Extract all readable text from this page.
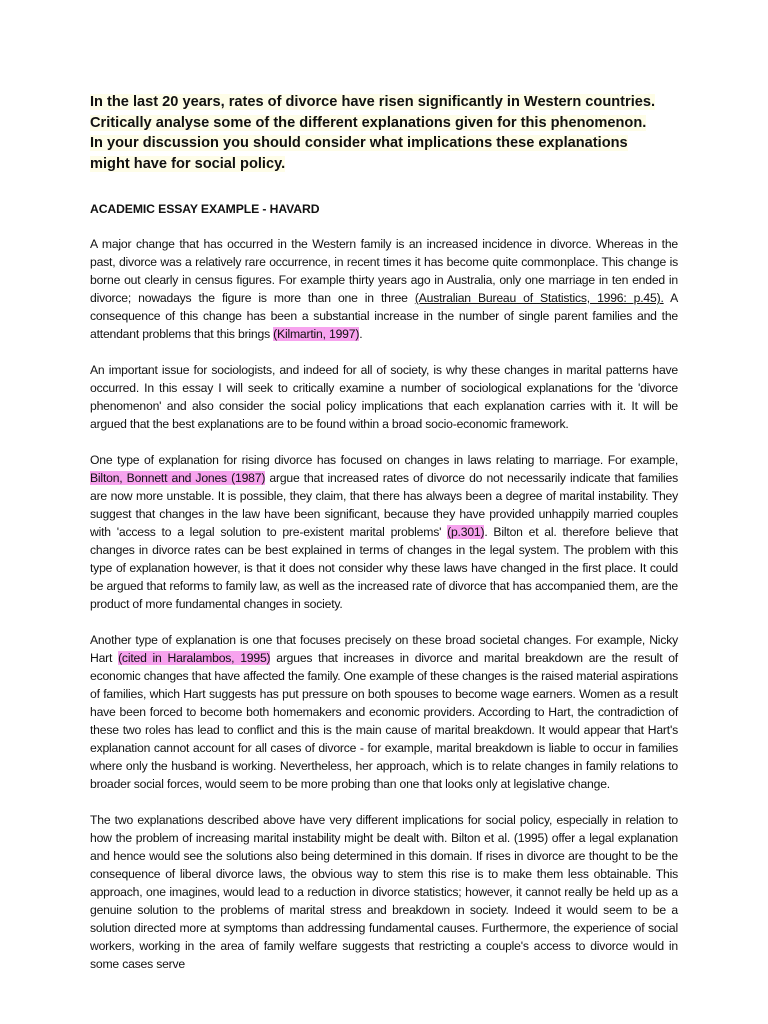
In the last 20 years, rates of divorce have risen significantly in Western countries.
Critically analyse some of the different explanations given for this phenomenon.
In your discussion you should consider what implications these explanations
might have for social policy.

ACADEMIC ESSAY EXAMPLE - HAVARD

A major change that has occurred in the Western family is an increased incidence in divorce. Whereas in the past, divorce was a relatively rare occurrence, in recent times it has become quite commonplace. This change is borne out clearly in census figures. For example thirty years ago in Australia, only one marriage in ten ended in divorce; nowadays the figure is more than one in three (Australian Bureau of Statistics, 1996: p.45). A consequence of this change has been a substantial increase in the number of single parent families and the attendant problems that this brings (Kilmartin, 1997).

An important issue for sociologists, and indeed for all of society, is why these changes in marital patterns have occurred. In this essay I will seek to critically examine a number of sociological explanations for the 'divorce phenomenon' and also consider the social policy implications that each explanation carries with it. It will be argued that the best explanations are to be found within a broad socio-economic framework.

One type of explanation for rising divorce has focused on changes in laws relating to marriage. For example, Bilton, Bonnett and Jones (1987) argue that increased rates of divorce do not necessarily indicate that families are now more unstable. It is possible, they claim, that there has always been a degree of marital instability. They suggest that changes in the law have been significant, because they have provided unhappily married couples with 'access to a legal solution to pre-existent marital problems' (p.301). Bilton et al. therefore believe that changes in divorce rates can be best explained in terms of changes in the legal system. The problem with this type of explanation however, is that it does not consider why these laws have changed in the first place. It could be argued that reforms to family law, as well as the increased rate of divorce that has accompanied them, are the product of more fundamental changes in society.

Another type of explanation is one that focuses precisely on these broad societal changes. For example, Nicky Hart (cited in Haralambos, 1995) argues that increases in divorce and marital breakdown are the result of economic changes that have affected the family. One example of these changes is the raised material aspirations of families, which Hart suggests has put pressure on both spouses to become wage earners. Women as a result have been forced to become both homemakers and economic providers. According to Hart, the contradiction of these two roles has lead to conflict and this is the main cause of marital breakdown. It would appear that Hart's explanation cannot account for all cases of divorce - for example, marital breakdown is liable to occur in families where only the husband is working. Nevertheless, her approach, which is to relate changes in family relations to broader social forces, would seem to be more probing than one that looks only at legislative change.

The two explanations described above have very different implications for social policy, especially in relation to how the problem of increasing marital instability might be dealt with. Bilton et al. (1995) offer a legal explanation and hence would see the solutions also being determined in this domain. If rises in divorce are thought to be the consequence of liberal divorce laws, the obvious way to stem this rise is to make them less obtainable. This approach, one imagines, would lead to a reduction in divorce statistics; however, it cannot really be held up as a genuine solution to the problems of marital stress and breakdown in society. Indeed it would seem to be a solution directed more at symptoms than addressing fundamental causes. Furthermore, the experience of social workers, working in the area of family welfare suggests that restricting a couple's access to divorce would in some cases serve
